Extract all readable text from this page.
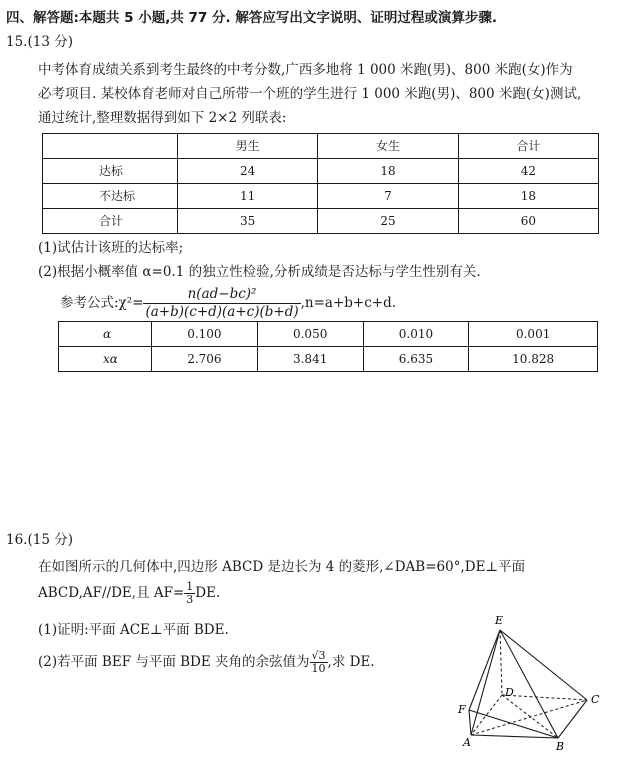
四、解答题:本题共 5 小题,共 77 分. 解答应写出文字说明、证明过程或演算步骤.
15.(13 分)
中考体育成绩关系到考生最终的中考分数,广西多地将 1 000 米跑(男)、800 米跑(女)作为
必考项目. 某校体育老师对自己所带一个班的学生进行 1 000 米跑(男)、800 米跑(女)测试,
通过统计,整理数据得到如下 2×2 列联表:
	男生	女生	合计
达标	24	18	42
不达标	11	7	18
合计	35	25	60
(1)试估计该班的达标率;
(2)根据小概率值 α=0.1 的独立性检验,分析成绩是否达标与学生性别有关.
参考公式:χ²= $\frac{\text{n(ad−bc)²}}{(a+b)(c+d)(a+c)(b+d)} ,n=a+b+c+d$.
α	0.100	0.050	0.010	0.001
xα	2.706	3.841	6.635	10.828
16.(15 分)
在如图所示的几何体中,四边形 ABCD 是边长为 4 的菱形,∠DAB=60°,DE⊥平面
ABCD,AF//DE,且 $AF= \frac{1}{3}$ DE.
(1)证明:平面 ACE⊥平面 BDE.
(2)若平面 BEF 与平面 BDE 夹角的余弦值为 $\frac{√3}{10}$ ,求 DE.
E
D
C
F
A	B
